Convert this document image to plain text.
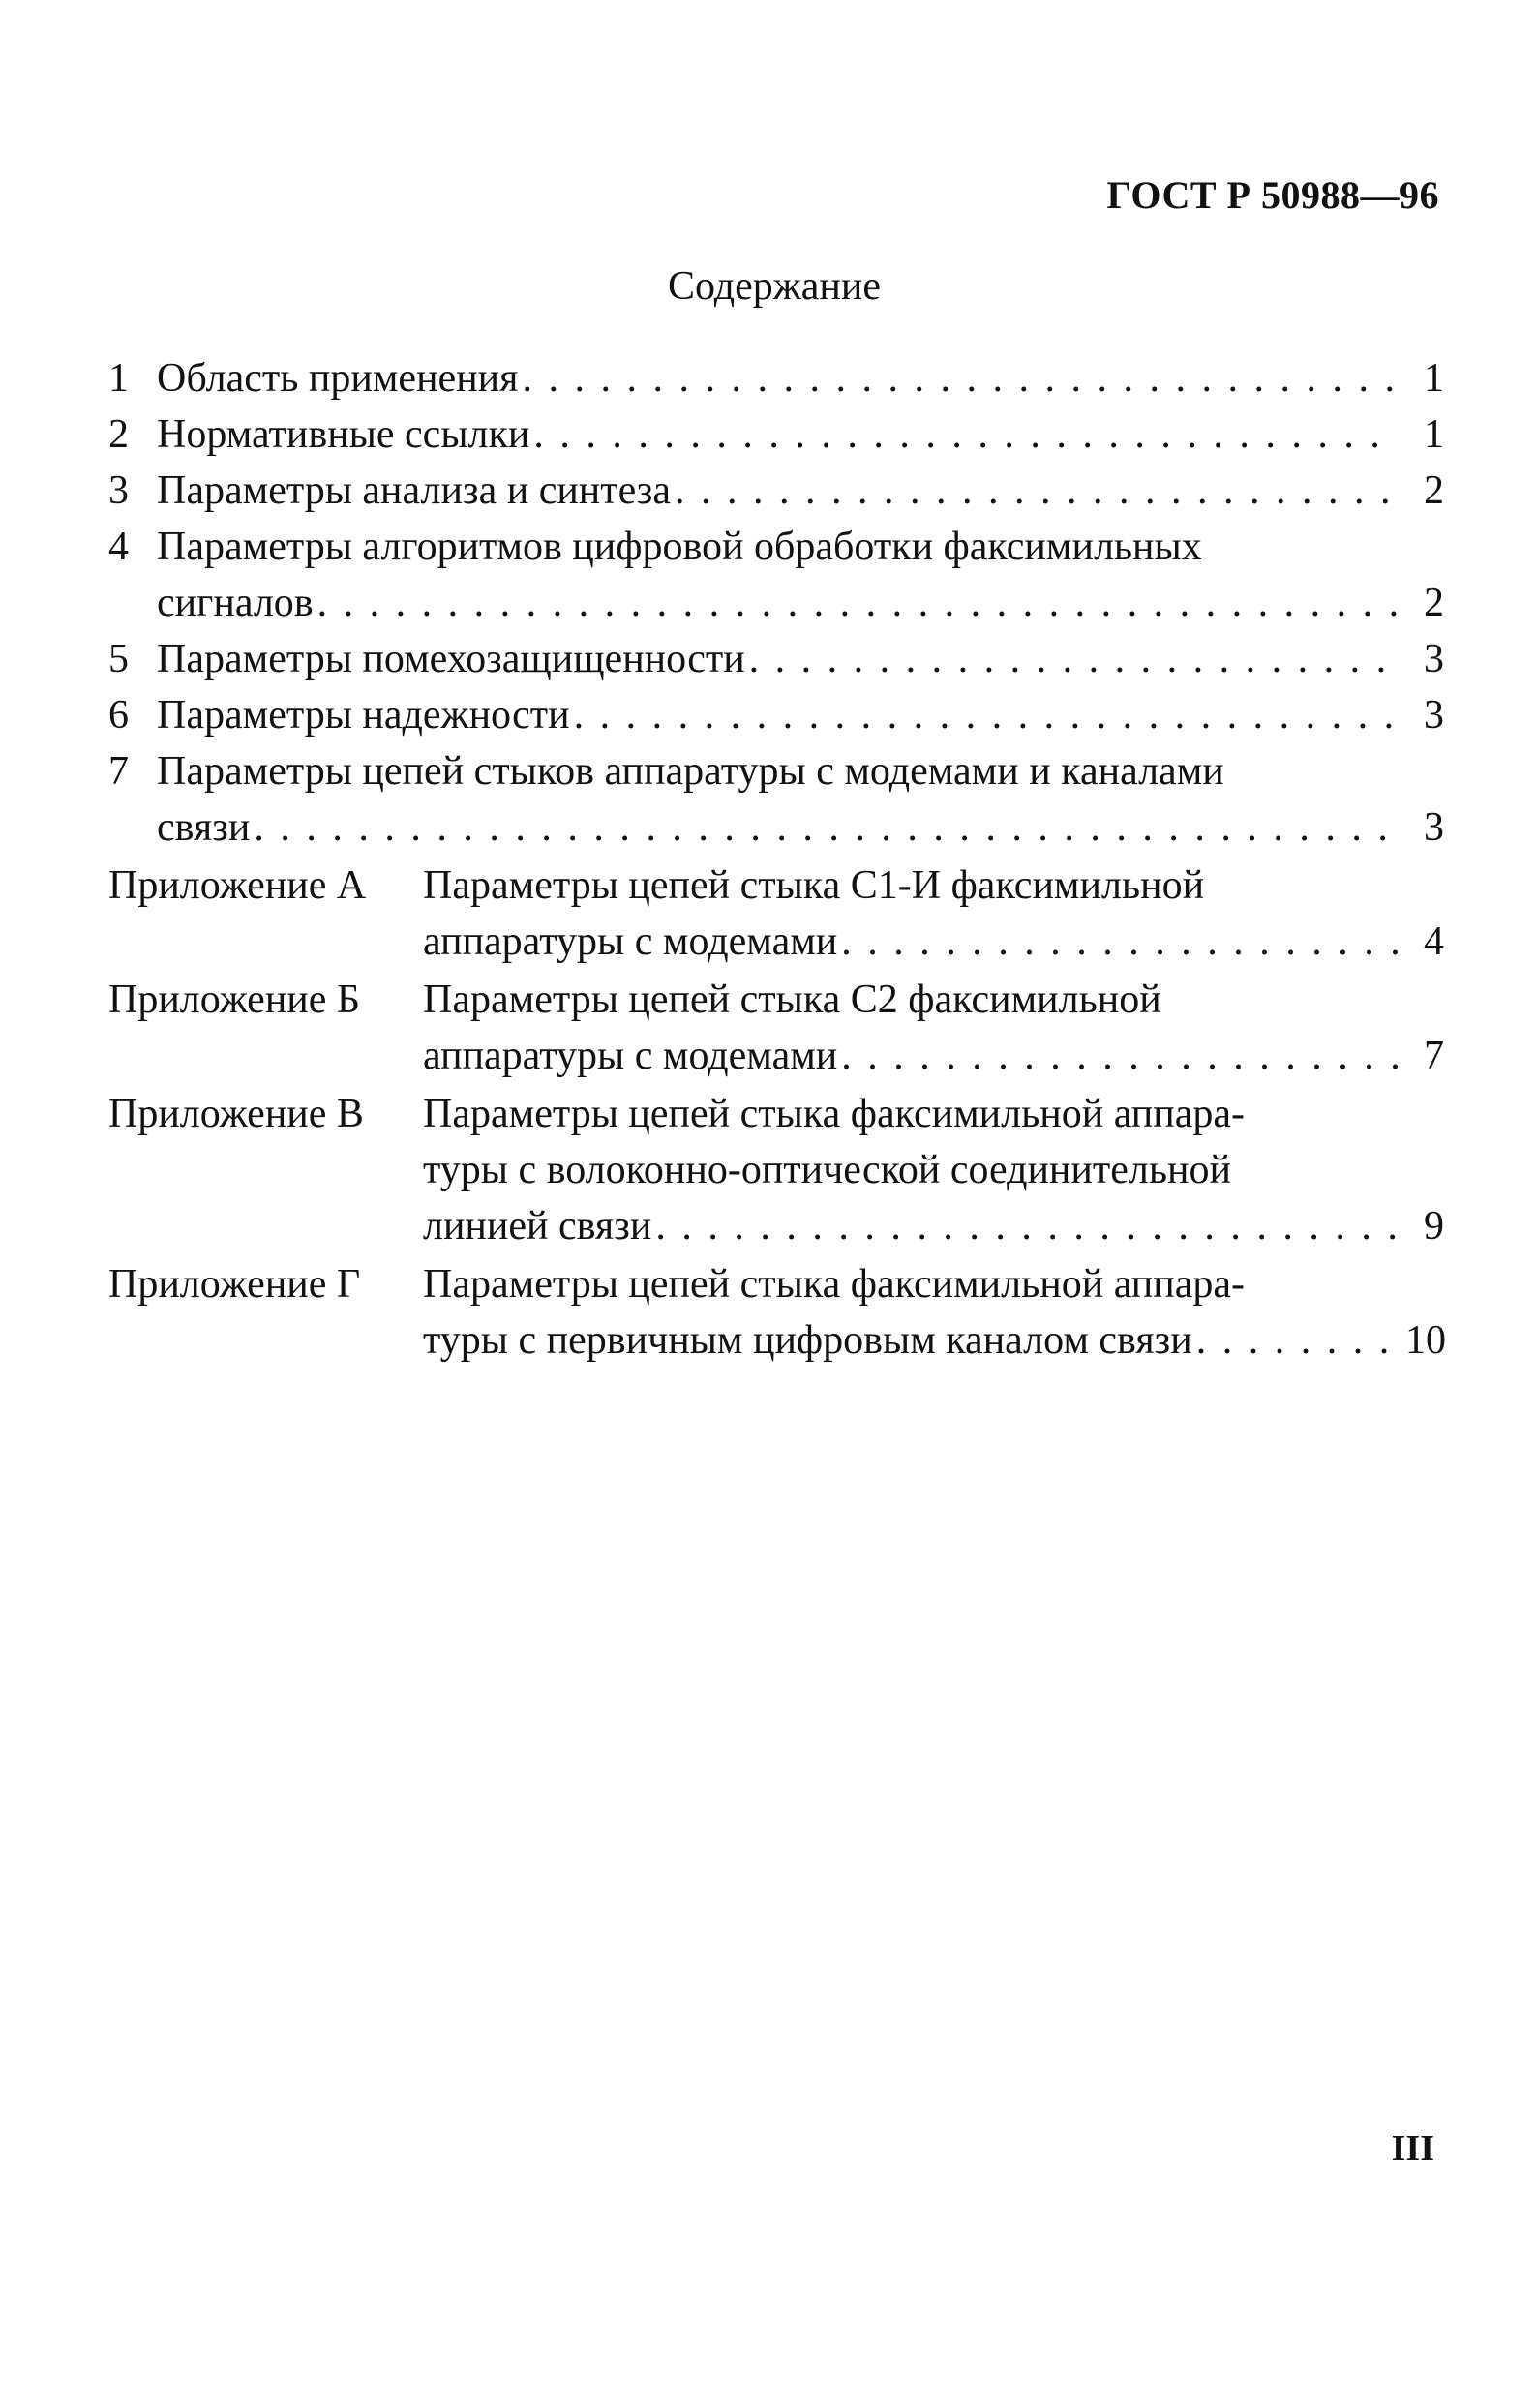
ГОСТ Р 50988—96
Содержание
1 Область применения . . .	1
2 Нормативные ссылки . . .	1
3 Параметры анализа и синтеза . . .	2
4 Параметры алгоритмов цифровой обработки факсимильных
сигналов . . .	2
5 Параметры помехозащищенности . . .	3
6 Параметры надежности . . .	3
7 Параметры цепей стыков аппаратуры с модемами и каналами
связи . . .	3
Приложение А	Параметры цепей стыка С1-И факсимильной
аппаратуры с модемами . . .	4
Приложение Б	Параметры цепей стыка С2 факсимильной
аппаратуры с модемами . . .	7
Приложение В	Параметры цепей стыка факсимильной аппара-
туры с волоконно-оптической соединительной
линией связи . . .	9
Приложение Г	Параметры цепей стыка факсимильной аппара-
туры с первичным цифровым каналом связи . . .	10
III
